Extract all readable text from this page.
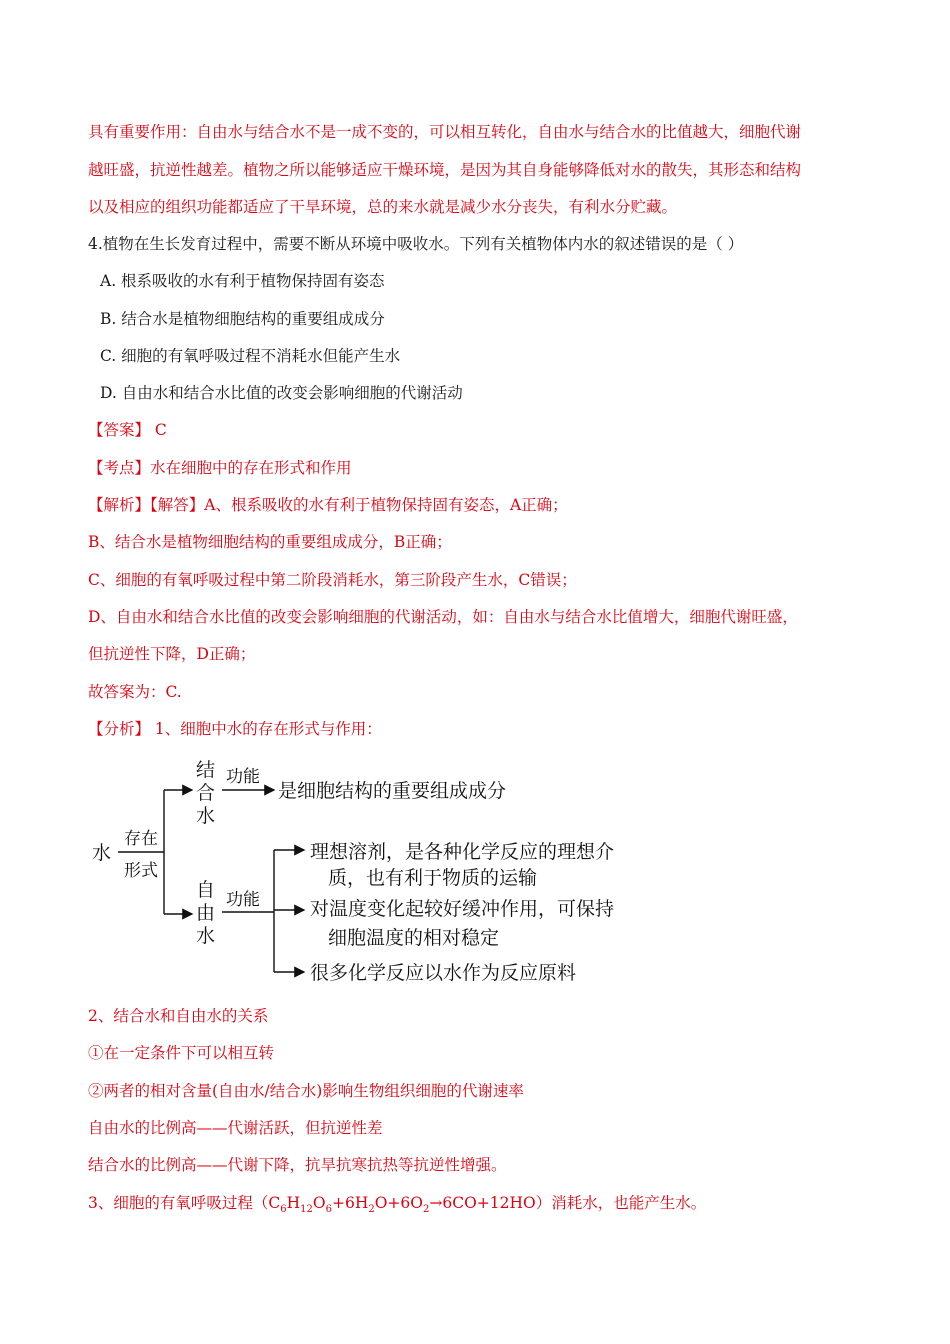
具有重要作用：自由水与结合水不是一成不变的，可以相互转化，自由水与结合水的比值越大，细胞代谢
越旺盛，抗逆性越差。植物之所以能够适应干燥环境，是因为其自身能够降低对水的散失，其形态和结构
以及相应的组织功能都适应了干旱环境，总的来水就是减少水分丧失，有利水分贮藏。
4.植物在生长发育过程中，需要不断从环境中吸收水。下列有关植物体内水的叙述错误的是（ ）
A. 根系吸收的水有利于植物保持固有姿态
B. 结合水是植物细胞结构的重要组成成分
C. 细胞的有氧呼吸过程不消耗水但能产生水
D. 自由水和结合水比值的改变会影响细胞的代谢活动
【答案】 C
【考点】水在细胞中的存在形式和作用
【解析】【解答】A、根系吸收的水有利于植物保持固有姿态，A正确；
B、结合水是植物细胞结构的重要组成成分，B正确；
C、细胞的有氧呼吸过程中第二阶段消耗水，第三阶段产生水，C错误；
D、自由水和结合水比值的改变会影响细胞的代谢活动，如：自由水与结合水比值增大，细胞代谢旺盛，
但抗逆性下降，D正确；
故答案为：C.
【分析】 1、细胞中水的存在形式与作用：
水
存在
形式
结
合
水
自
由
水
功能
功能
是细胞结构的重要组成成分
理想溶剂，是各种化学反应的理想介
质，也有利于物质的运输
对温度变化起较好缓冲作用，可保持
细胞温度的相对稳定
很多化学反应以水作为反应原料
2、结合水和自由水的关系
①在一定条件下可以相互转
②两者的相对含量(自由水/结合水)影响生物组织细胞的代谢速率
自由水的比例高——代谢活跃，但抗逆性差
结合水的比例高——代谢下降，抗旱抗寒抗热等抗逆性增强。
3、细胞的有氧呼吸过程$(C_6H_{12}O_6+6H_2O+6O_2\to 6CO+12HO)$消耗水，也能产生水。
